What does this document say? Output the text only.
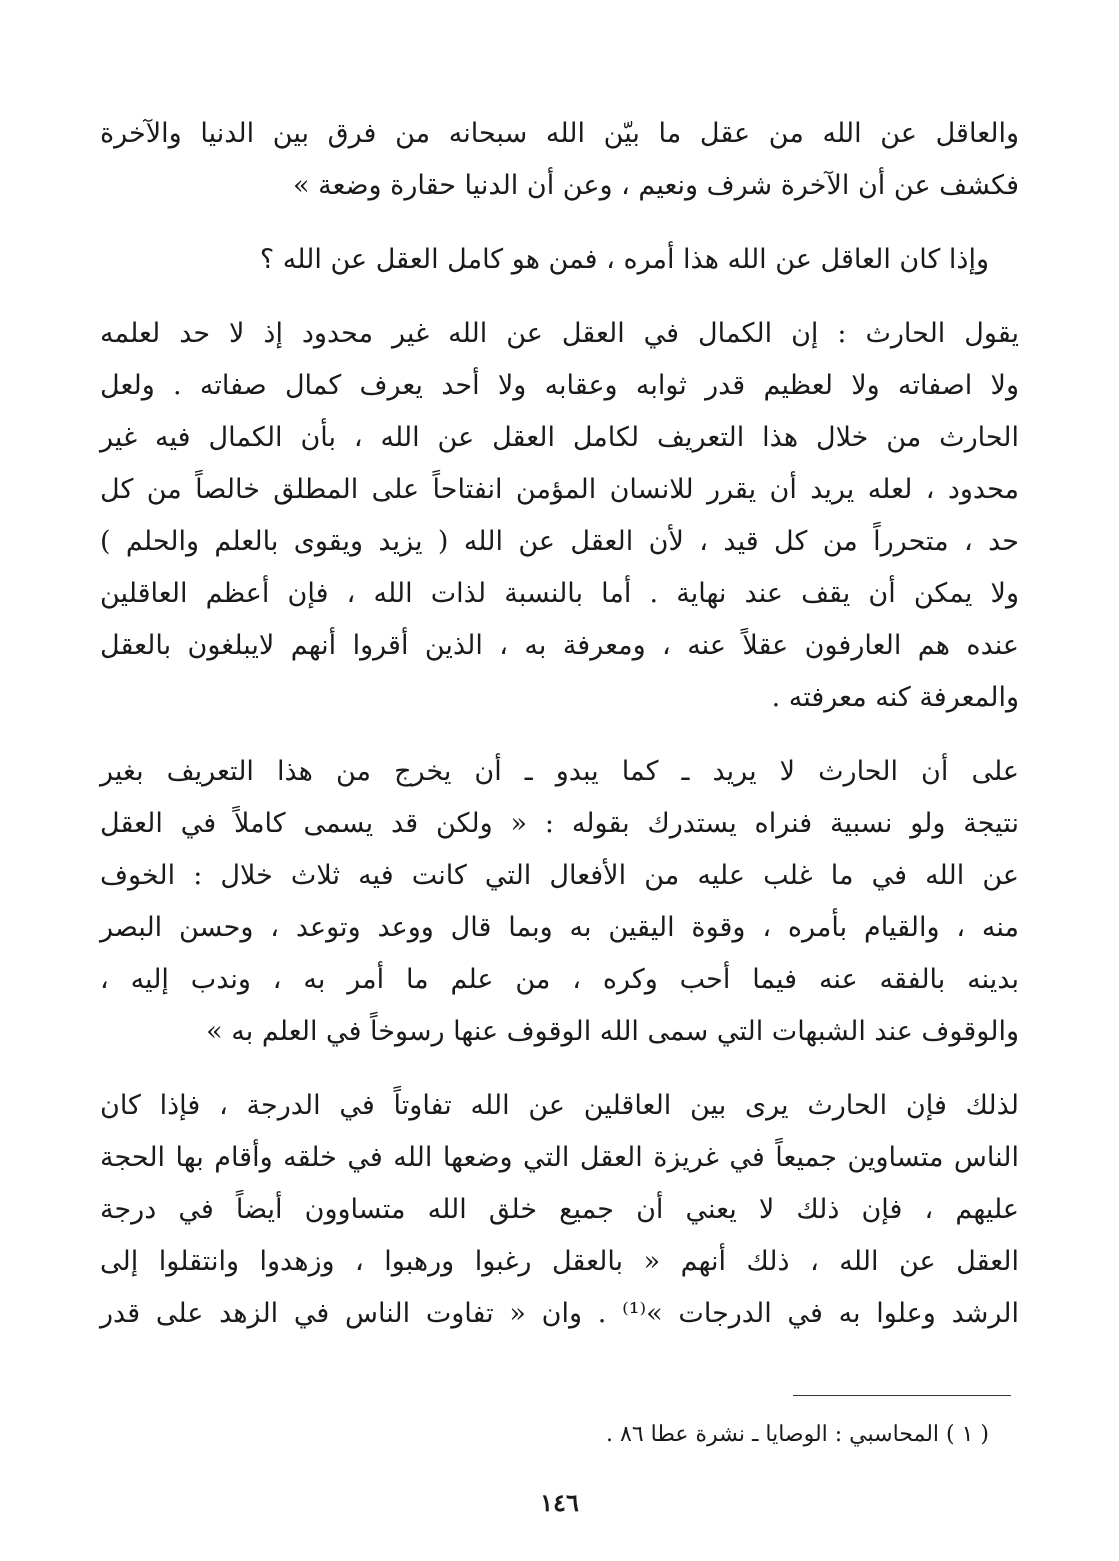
والعاقل عن الله من عقل ما بيّن الله سبحانه من فرق بين الدنيا والآخرة
فكشف عن أن الآخرة شرف ونعيم ، وعن أن الدنيا حقارة وضعة »
وإذا كان العاقل عن الله هذا أمره ، فمن هو كامل العقل عن الله ؟
يقول الحارث : إن الكمال في العقل عن الله غير محدود إذ لا حد لعلمه
ولا اصفاته ولا لعظيم قدر ثوابه وعقابه ولا أحد يعرف كمال صفاته . ولعل
الحارث من خلال هذا التعريف لكامل العقل عن الله ، بأن الكمال فيه غير
محدود ، لعله يريد أن يقرر للانسان المؤمن انفتاحاً على المطلق خالصاً من كل
حد ، متحرراً من كل قيد ، لأن العقل عن الله ( يزيد ويقوى بالعلم والحلم )
ولا يمكن أن يقف عند نهاية . أما بالنسبة لذات الله ، فإن أعظم العاقلين
عنده هم العارفون عقلاً عنه ، ومعرفة به ، الذين أقروا أنهم لايبلغون بالعقل
والمعرفة كنه معرفته .
على أن الحارث لا يريد ـ كما يبدو ـ أن يخرج من هذا التعريف بغير
نتيجة ولو نسبية فنراه يستدرك بقوله : « ولكن قد يسمى كاملاً في العقل
عن الله في ما غلب عليه من الأفعال التي كانت فيه ثلاث خلال : الخوف
منه ، والقيام بأمره ، وقوة اليقين به وبما قال ووعد وتوعد ، وحسن البصر
بدينه بالفقه عنه فيما أحب وكره ، من علم ما أمر به ، وندب إليه ،
والوقوف عند الشبهات التي سمى الله الوقوف عنها رسوخاً في العلم به »
لذلك فإن الحارث يرى بين العاقلين عن الله تفاوتاً في الدرجة ، فإذا كان
الناس متساوين جميعاً في غريزة العقل التي وضعها الله في خلقه وأقام بها الحجة
عليهم ، فإن ذلك لا يعني أن جميع خلق الله متساوون أيضاً في درجة
العقل عن الله ، ذلك أنهم « بالعقل رغبوا ورهبوا ، وزهدوا وانتقلوا إلى
الرشد وعلوا به في الدرجات »⁽¹⁾ . وان « تفاوت الناس في الزهد على قدر
( ١ ) المحاسبي : الوصايا ـ نشرة عطا ٨٦ .
١٤٦
